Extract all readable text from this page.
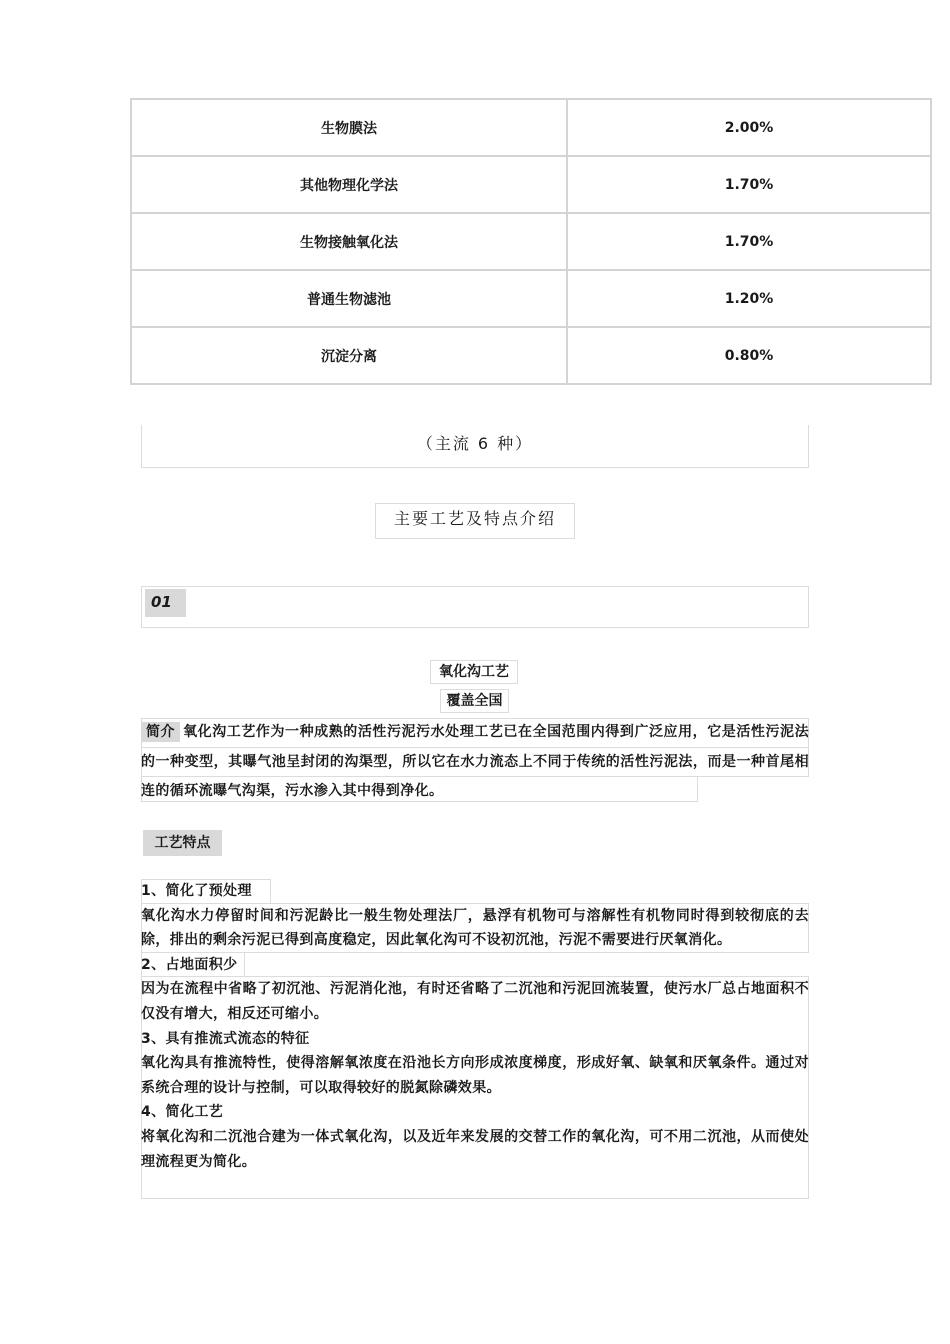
生物膜法	2.00%
其他物理化学法	1.70%
生物接触氧化法	1.70%
普通生物滤池	1.20%
沉淀分离	0.80%
（主流 6 种）
主要工艺及特点介绍
01
氧化沟工艺
覆盖全国

简介 氧化沟工艺作为一种成熟的活性污泥污水处理工艺已在全国范围内得到广泛应用，它是活性污泥法的一种变型，其曝气池呈封闭的沟渠型，所以它在水力流态上不同于传统的活性污泥法，而是一种首尾相连的循环流曝气沟渠，污水渗入其中得到净化。

工艺特点

1、简化了预处理

氧化沟水力停留时间和污泥龄比一般生物处理法厂，悬浮有机物可与溶解性有机物同时得到较彻底的去除，排出的剩余污泥已得到高度稳定，因此氧化沟可不设初沉池，污泥不需要进行厌氧消化。

2、占地面积少

因为在流程中省略了初沉池、污泥消化池，有时还省略了二沉池和污泥回流装置，使污水厂总占地面积不仅没有增大，相反还可缩小。

3、具有推流式流态的特征

氧化沟具有推流特性，使得溶解氧浓度在沿池长方向形成浓度梯度，形成好氧、缺氧和厌氧条件。通过对系统合理的设计与控制，可以取得较好的脱氮除磷效果。

4、简化工艺

将氧化沟和二沉池合建为一体式氧化沟，以及近年来发展的交替工作的氧化沟，可不用二沉池，从而使处理流程更为简化。
